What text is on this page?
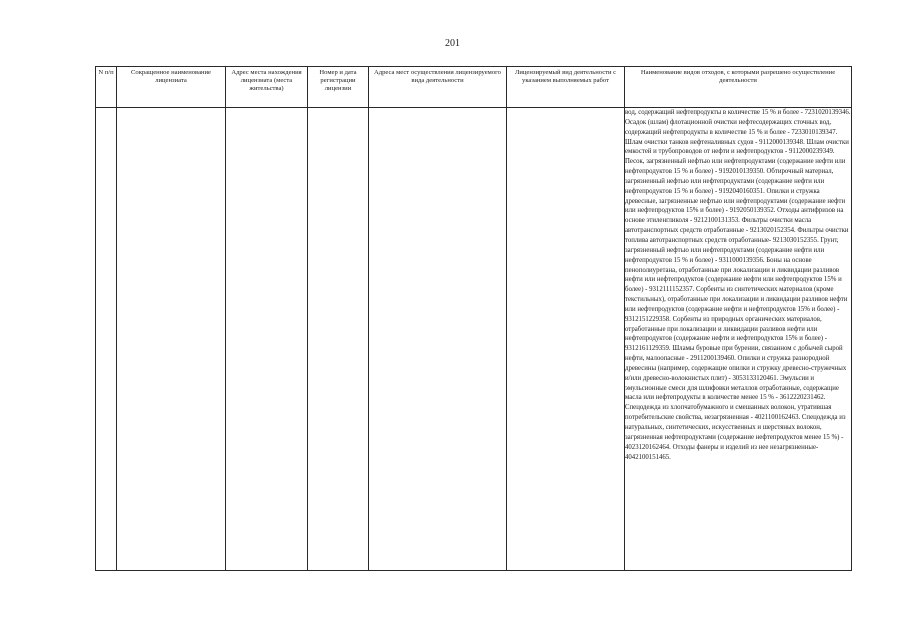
201
N п/п	Сокращенное наименование лицензиата	Адрес места нахождения лицензиата (места жительства)	Номер и дата регистрации лицензии	Адреса мест осуществления лицензируемого вида деятельности	Лицензируемый вид деятельности с указанием выполняемых работ	Наименование видов отходов, с которыми разрешено осуществление деятельности

						вод, содержащий нефтепродукты в количестве 15 % и более - 7231020139346. Осадок (шлам) флотационной очистки нефтесодержащих сточных вод, содержащий нефтепродукты в количестве 15 % и более - 7233010139347. Шлам очистки танков нефтеналивных судов - 9112000139348. Шлам очистки емкостей и трубопроводов от нефти и нефтепродуктов - 9112000239349. Песок, загрязненный нефтью или нефтепродуктами (содержание нефти или нефтепродуктов 15 % и более) - 9192010139350. Обтирочный материал, загрязненный нефтью или нефтепродуктами (содержание нефти или нефтепродуктов 15 % и более) - 9192040160351. Опилки и стружка древесные, загрязненные нефтью или нефтепродуктами (содержание нефти или нефтепродуктов 15% и более) - 9192050139352. Отходы антифризов на основе этиленгликоля - 9212100131353. Фильтры очистки масла автотранспортных средств отработанные - 9213020152354. Фильтры очистки топлива автотранспортных средств отработанные- 9213030152355. Грунт, загрязненный нефтью или нефтепродуктами (содержание нефти или нефтепродуктов 15 % и более) - 9311000139356. Боны на основе пенополиуретана, отработанные при локализации и ликвидации разливов нефти или нефтепродуктов (содержание нефти или нефтепродуктов 15% и более) - 9312111152357. Сорбенты из синтетических материалов (кроме текстильных), отработанные при локализации и ликвидации разливов нефти или нефтепродуктов (содержание нефти и нефтепродуктов 15% и более) - 9312151229358. Сорбенты из природных органических материалов, отработанные при локализации и ликвидации разливов нефти или нефтепродуктов (содержание нефти и нефтепродуктов 15% и более) - 9312161129359. Шламы буровые при бурении, связанном с добычей сырой нефти, малоопасные - 2911200139460. Опилки и стружка разнородной древесины (например, содержащие опилки и стружку древесно-стружечных и/или древесно-волокнистых плит) - 3053133120461. Эмульсии и эмульсионные смеси для шлифовки металлов отработанные, содержащие масла или нефтепродукты в количестве менее 15 % - 3612220231462. Спецодежда из хлопчатобумажного и смешанных волокон, утратившая потребительские свойства, незагрязненная - 4021100162463. Спецодежда из натуральных, синтетических, искусственных и шерстяных волокон, загрязненная нефтепродуктами (содержание нефтепродуктов менее 15 %) - 4023120162464. Отходы фанеры и изделий из нее незагрязненные- 4042100151465.
